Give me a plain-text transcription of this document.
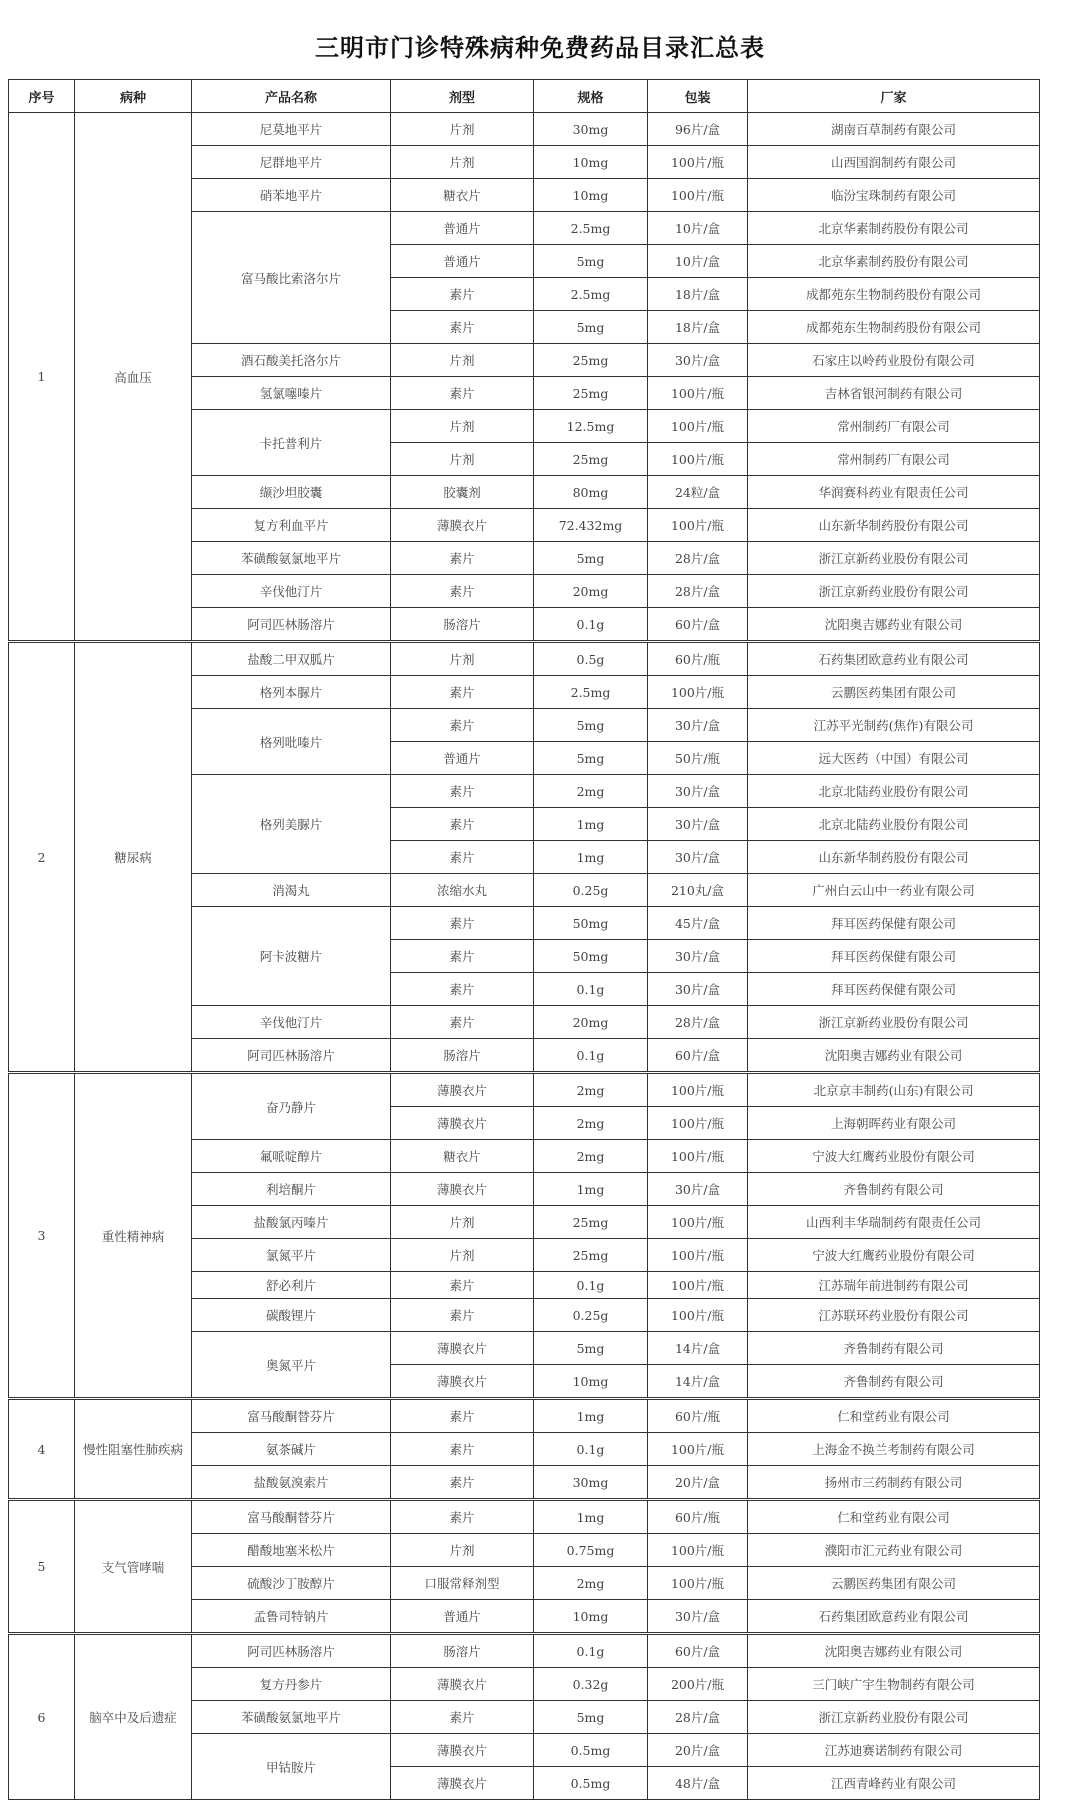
三明市门诊特殊病种免费药品目录汇总表
序号	病种	产品名称	剂型	规格	包装	厂家
1	高血压	尼莫地平片	片剂	30mg	96片/盒	湖南百草制药有限公司
		尼群地平片	片剂	10mg	100片/瓶	山西国润制药有限公司
		硝苯地平片	糖衣片	10mg	100片/瓶	临汾宝珠制药有限公司
		富马酸比索洛尔片	普通片	2.5mg	10片/盒	北京华素制药股份有限公司
			普通片	5mg	10片/盒	北京华素制药股份有限公司
			素片	2.5mg	18片/盒	成都苑东生物制药股份有限公司
			素片	5mg	18片/盒	成都苑东生物制药股份有限公司
		酒石酸美托洛尔片	片剂	25mg	30片/盒	石家庄以岭药业股份有限公司
		氢氯噻嗪片	素片	25mg	100片/瓶	吉林省银河制药有限公司
		卡托普利片	片剂	12.5mg	100片/瓶	常州制药厂有限公司
			片剂	25mg	100片/瓶	常州制药厂有限公司
		缬沙坦胶囊	胶囊剂	80mg	24粒/盒	华润赛科药业有限责任公司
		复方利血平片	薄膜衣片	72.432mg	100片/瓶	山东新华制药股份有限公司
		苯磺酸氨氯地平片	素片	5mg	28片/盒	浙江京新药业股份有限公司
		辛伐他汀片	素片	20mg	28片/盒	浙江京新药业股份有限公司
		阿司匹林肠溶片	肠溶片	0.1g	60片/盒	沈阳奥吉娜药业有限公司
2	糖尿病	盐酸二甲双胍片	片剂	0.5g	60片/瓶	石药集团欧意药业有限公司
		格列本脲片	素片	2.5mg	100片/瓶	云鹏医药集团有限公司
		格列吡嗪片	素片	5mg	30片/盒	江苏平光制药(焦作)有限公司
			普通片	5mg	50片/瓶	远大医药（中国）有限公司
		格列美脲片	素片	2mg	30片/盒	北京北陆药业股份有限公司
			素片	1mg	30片/盒	北京北陆药业股份有限公司
			素片	1mg	30片/盒	山东新华制药股份有限公司
		消渴丸	浓缩水丸	0.25g	210丸/盒	广州白云山中一药业有限公司
		阿卡波糖片	素片	50mg	45片/盒	拜耳医药保健有限公司
			素片	50mg	30片/盒	拜耳医药保健有限公司
			素片	0.1g	30片/盒	拜耳医药保健有限公司
		辛伐他汀片	素片	20mg	28片/盒	浙江京新药业股份有限公司
		阿司匹林肠溶片	肠溶片	0.1g	60片/盒	沈阳奥吉娜药业有限公司
3	重性精神病	奋乃静片	薄膜衣片	2mg	100片/瓶	北京京丰制药(山东)有限公司
			薄膜衣片	2mg	100片/瓶	上海朝晖药业有限公司
		氟哌啶醇片	糖衣片	2mg	100片/瓶	宁波大红鹰药业股份有限公司
		利培酮片	薄膜衣片	1mg	30片/盒	齐鲁制药有限公司
		盐酸氯丙嗪片	片剂	25mg	100片/瓶	山西利丰华瑞制药有限责任公司
		氯氮平片	片剂	25mg	100片/瓶	宁波大红鹰药业股份有限公司
		舒必利片	素片	0.1g	100片/瓶	江苏瑞年前进制药有限公司
		碳酸锂片	素片	0.25g	100片/瓶	江苏联环药业股份有限公司
		奥氮平片	薄膜衣片	5mg	14片/盒	齐鲁制药有限公司
			薄膜衣片	10mg	14片/盒	齐鲁制药有限公司
4	慢性阻塞性肺疾病	富马酸酮替芬片	素片	1mg	60片/瓶	仁和堂药业有限公司
		氨茶碱片	素片	0.1g	100片/瓶	上海金不换兰考制药有限公司
		盐酸氨溴索片	素片	30mg	20片/盒	扬州市三药制药有限公司
5	支气管哮喘	富马酸酮替芬片	素片	1mg	60片/瓶	仁和堂药业有限公司
		醋酸地塞米松片	片剂	0.75mg	100片/瓶	濮阳市汇元药业有限公司
		硫酸沙丁胺醇片	口服常释剂型	2mg	100片/瓶	云鹏医药集团有限公司
		孟鲁司特钠片	普通片	10mg	30片/盒	石药集团欧意药业有限公司
6	脑卒中及后遗症	阿司匹林肠溶片	肠溶片	0.1g	60片/盒	沈阳奥吉娜药业有限公司
		复方丹参片	薄膜衣片	0.32g	200片/瓶	三门峡广宇生物制药有限公司
		苯磺酸氨氯地平片	素片	5mg	28片/盒	浙江京新药业股份有限公司
		甲钴胺片	薄膜衣片	0.5mg	20片/盒	江苏迪赛诺制药有限公司
			薄膜衣片	0.5mg	48片/盒	江西青峰药业有限公司
